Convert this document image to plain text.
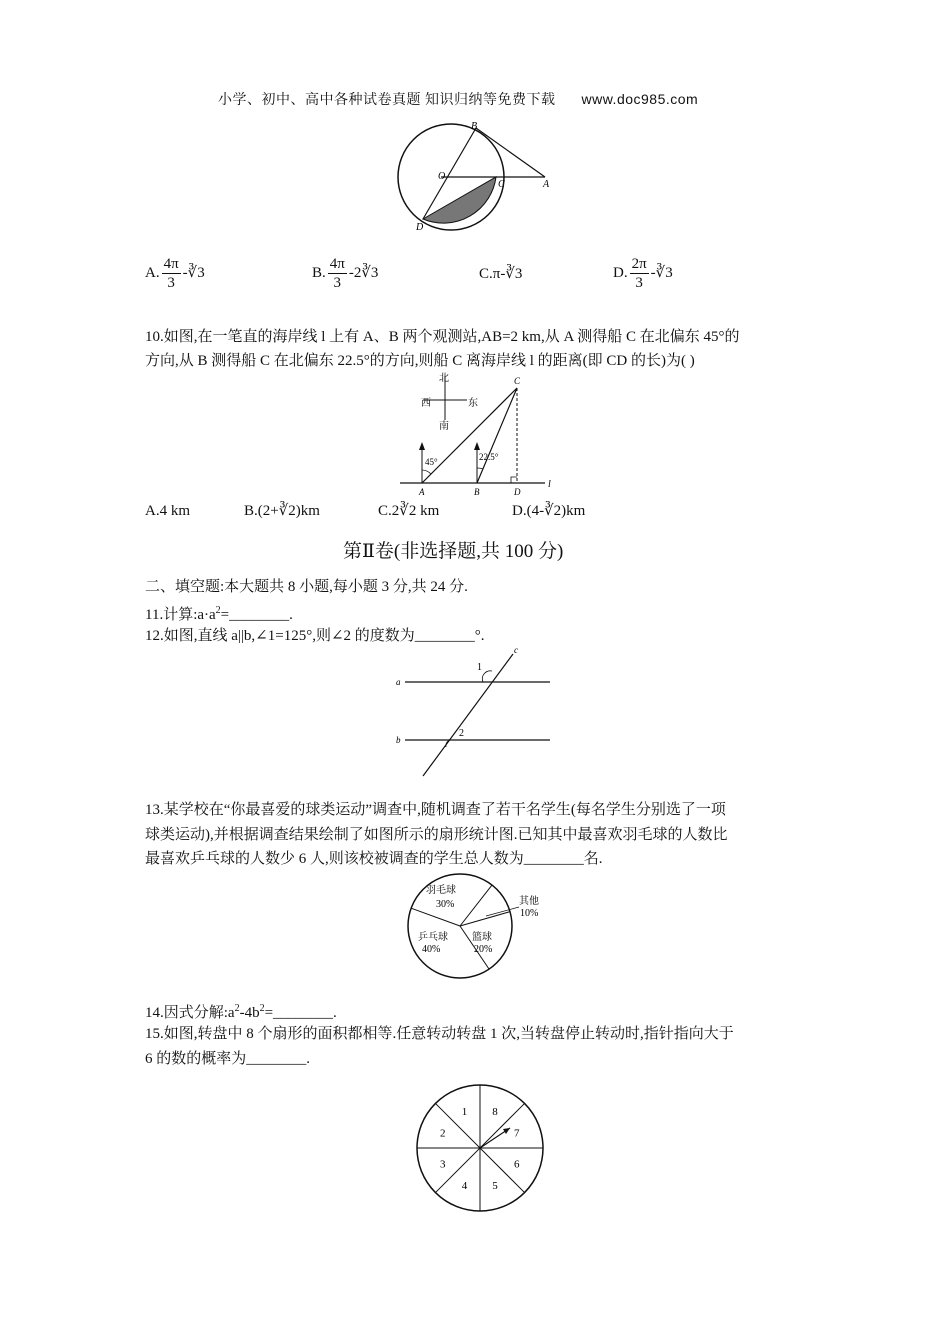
小学、初中、高中各种试卷真题 知识归纳等免费下载 www.doc985.com
B
O
C	A
D
A. $\frac{4\pi}{3}$ -∛3	B. $\frac{4\pi}{3}$ -2∛3	C.π-∛3	D. $\frac{2\pi}{3}$ -∛3
10.如图,在一笔直的海岸线 l 上有 A、B 两个观测站,AB=2 km,从 A 测得船 C 在北偏东 45°的
方向,从 B 测得船 C 在北偏东 22.5°的方向,则船 C 离海岸线 l 的距离(即 CD 的长)为( )
北
西	东
南
45°	22.5°
A	B	D
C
l
A.4 km	B.(2+∛2)km	C.2∛2 km	D.(4-∛2)km
第Ⅱ卷(非选择题,共 100 分)
二、填空题:本大题共 8 小题,每小题 3 分,共 24 分.
11.计算$:a\cdot a^2=\_\_\_\_\_\_\_\_$.
12.如图,直线 a||b,∠1=125°,则∠2 的度数为________°.
a
b
c
1
2
13.某学校在“你最喜爱的球类运动”调查中,随机调查了若干名学生(每名学生分别选了一项
球类运动),并根据调查结果绘制了如图所示的扇形统计图.已知其中最喜欢羽毛球的人数比
最喜欢乒乓球的人数少 6 人,则该校被调查的学生总人数为________名.
羽毛球
30%	其他
10%
篮球
20%
乒乓球
40%
14.因式分解$:a^2-4b^2=\_\_\_\_\_\_\_\_$.
15.如图,转盘中 8 个扇形的面积都相等.任意转动转盘 1 次,当转盘停止转动时,指针指向大于
6 的数的概率为________.
1 8
7
6
5
4
3
2
